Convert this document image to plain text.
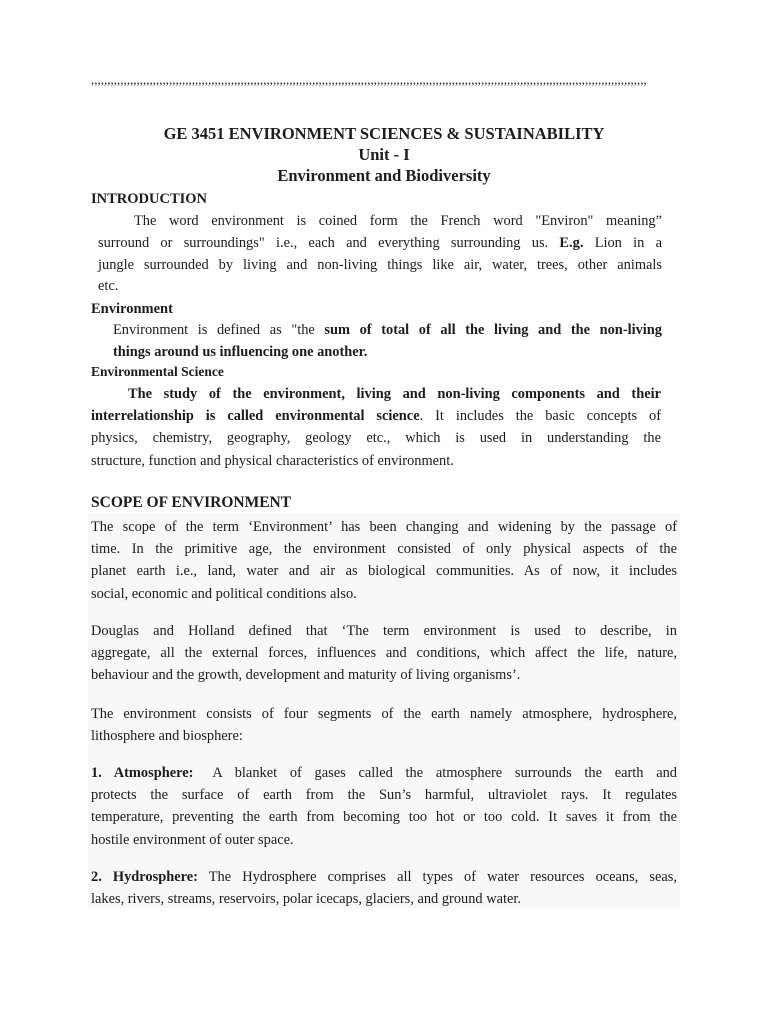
,,,,,,,,,,,,,,,,,,,,,,,,,,,,,,,,,,,,,,,,,,,,,,,,,,,,,,,,,,,,,,,,,,,,,,,,,,,,,,,,,,,,,,,,,,,,,,,,,,,,,,,,,,,,,,,,,,,,,,,,,,,,,,,,,,,,,,,,,,,,,,,,,,,,,,,,,,,,,,,,,,,,,,,,,,,
GE 3451 ENVIRONMENT SCIENCES & SUSTAINABILITY
Unit - I
Environment and Biodiversity
INTRODUCTION
The word environment is coined form the French word "Environ" meaning”
surround or surroundings" i.e., each and everything surrounding us. E.g. Lion in a
jungle surrounded by living and non-living things like air, water, trees, other animals
etc.
Environment
Environment is defined as "the sum of total of all the living and the non-living
things around us influencing one another.
Environmental Science
The study of the environment, living and non-living components and their
interrelationship is called environmental science. It includes the basic concepts of
physics, chemistry, geography, geology etc., which is used in understanding the
structure, function and physical characteristics of environment.
SCOPE OF ENVIRONMENT
The scope of the term ‘Environment’ has been changing and widening by the passage of
time. In the primitive age, the environment consisted of only physical aspects of the
planet earth i.e., land, water and air as biological communities. As of now, it includes
social, economic and political conditions also.
Douglas and Holland defined that ‘The term environment is used to describe, in
aggregate, all the external forces, influences and conditions, which affect the life, nature,
behaviour and the growth, development and maturity of living organisms’.
The environment consists of four segments of the earth namely atmosphere, hydrosphere,
lithosphere and biosphere:
1. Atmosphere: A blanket of gases called the atmosphere surrounds the earth and
protects the surface of earth from the Sun’s harmful, ultraviolet rays. It regulates
temperature, preventing the earth from becoming too hot or too cold. It saves it from the
hostile environment of outer space.
2. Hydrosphere: The Hydrosphere comprises all types of water resources oceans, seas,
lakes, rivers, streams, reservoirs, polar icecaps, glaciers, and ground water.
